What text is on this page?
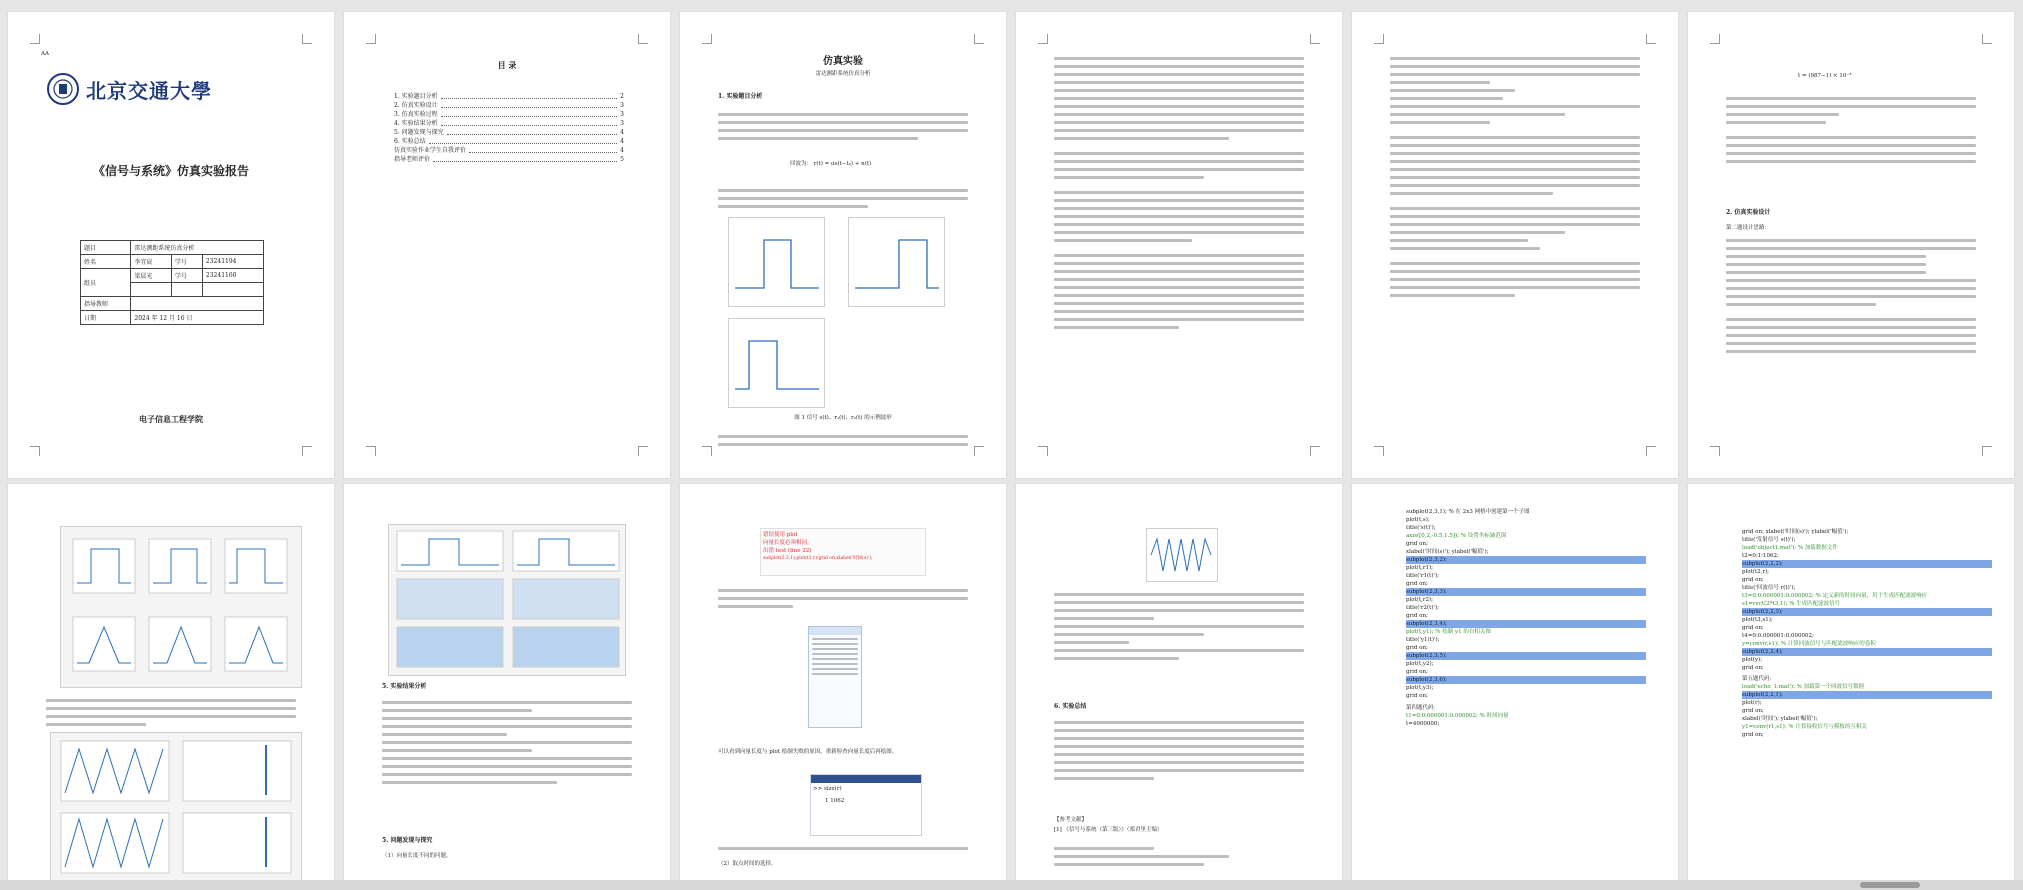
AA
北京交通大學
《信号与系统》仿真实验报告
题目	雷达测距系统仿真分析		
姓名	李宜宸	学号	23241194
组员	梁晨光	学号	23241160

指导教师			
日期	2024 年 12 月 16 日		
电子信息工程学院
目 录
1. 实验题目分析	2
2. 仿真实验设计	3
3. 仿真实验过程	3
4. 实验结果分析	3
5. 问题发现与探究	4
6. 实验总结	4
仿真实验作业学生自我评价	4
指导老师评价	5
仿真实验
雷达测距系统仿真分析
1. 实验题目分析
回波为： r(t) = αs(t−t₀) + n(t)
图 1 信号 s(t)、r₁(t)、r₂(t) 的示例波形
t = (987−1) × 10⁻³
2. 仿真实验设计
第二题设计思路：
5. 实验结果分析
5. 问题发现与探究
（1）向量长度不同的问题。
错误使用 plot
向量长度必须相同。
出错 test (line 22)
subplot(2,2,1);plot(t1,r);grid on;xlabel('时间(s)');
可以看到向量长度与 plot 绘制失败的原因，重新检查向量长度后再绘图。
>> size(r)
1 1062
（2）取点时间的选择。
6. 实验总结
【参考文献】
[1] 《信号与系统（第三版）》（郑君里主编）
subplot(2,3,1); % 在 2x3 网格中创建第一个子图
plot(t,s);
title('s(t)');
axis([0,2,-0.5,1.5]); % 设置坐标轴范围
grid on;
xlabel('时间(s)'); ylabel('幅值');
subplot(2,3,2);
plot(t,r1);
title('r1(t)');
grid on;
subplot(2,3,3);
plot(t,r2);
title('r2(t)');
grid on;
subplot(2,3,4);
plot(t,y1); % 绘制 y1 的自相关图
title('y1(t)');
grid on;
subplot(2,3,5);
plot(t,y2);
grid on;
subplot(2,3,6);
plot(t,y3);
grid on;
第四题代码：
t1=0:0.000001:0.000002; % 时间向量
t=4000000;
grid on; xlabel('时间(s)'); ylabel('幅值');
title('发射信号 s(t)');
load('object1.mat'); % 加载数据文件
t2=0:1:1062;
subplot(2,2,2);
plot(t2,r);
grid on;
title('回波信号 r(t)');
t3=0:0.000001:0.000002; % 定义新的时间向量，用于生成匹配滤波响应
s1=rect(2*t3,1); % 生成匹配滤波信号
subplot(2,2,3);
plot(t3,s1);
grid on;
t4=0:0.000001:0.000002;
y=conv(r,s1); % 计算回波信号与匹配滤波响应的卷积
subplot(2,2,4);
plot(y);
grid on;
第五题代码：
load('echo_1.mat'); % 加载第一个回波信号数据
subplot(2,2,1);
plot(r);
grid on;
xlabel('时间'); ylabel('幅值');
y1=conv(r1,s1); % 计算接收信号与模板的互相关
grid on;
